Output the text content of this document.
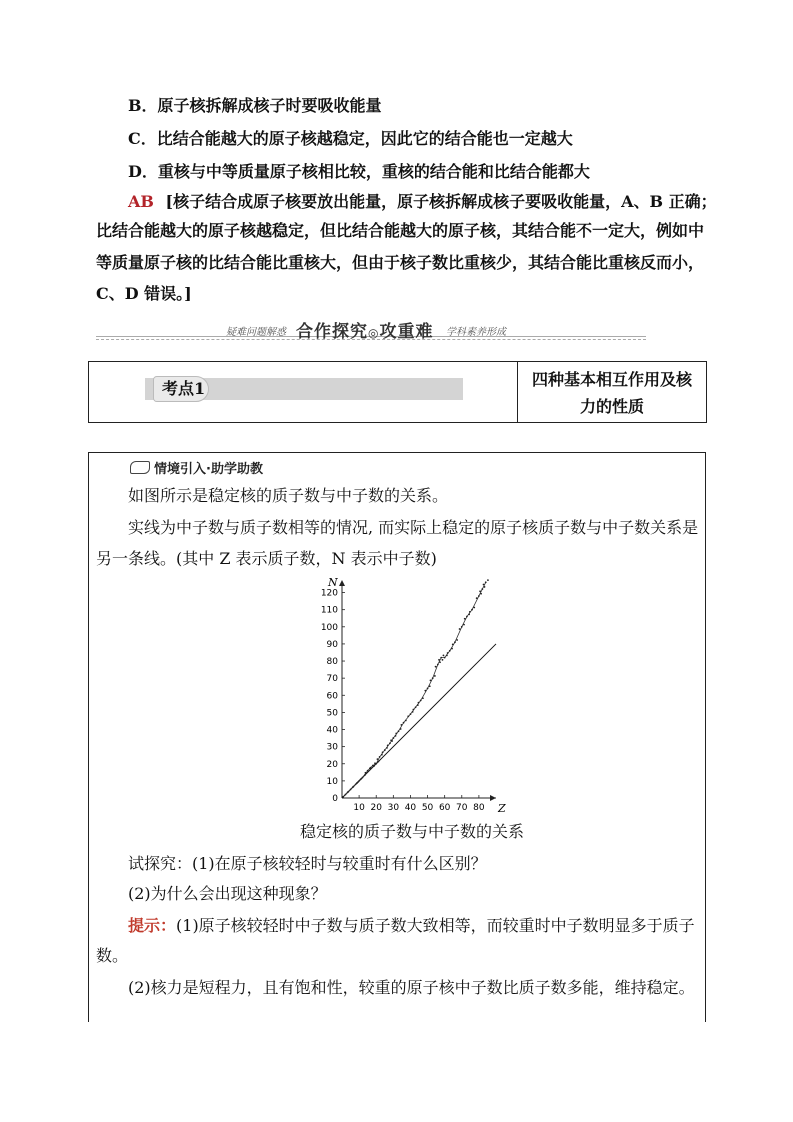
B．原子核拆解成核子时要吸收能量
C．比结合能越大的原子核越稳定，因此它的结合能也一定越大
D．重核与中等质量原子核相比较，重核的结合能和比结合能都大
AB [核子结合成原子核要放出能量，原子核拆解成核子要吸收能量，A、B 正确；
比结合能越大的原子核越稳定，但比结合能越大的原子核，其结合能不一定大，例如中
等质量原子核的比结合能比重核大，但由于核子数比重核少，其结合能比重核反而小，
C、D 错误。]
疑难问题解惑 合作探究◎攻重难 学科素养形成
考点1	四种基本相互作用及核
力的性质
情境引入·助学助教
如图所示是稳定核的质子数与中子数的关系。
实线为中子数与质子数相等的情况, 而实际上稳定的原子核质子数与中子数关系是
另一条线。(其中 Z 表示质子数，N 表示中子数)
Z
N
10 20 30 40 50 60 70 80
0
10
20
30
40
50
60
70
80
90
100
110
120
稳定核的质子数与中子数的关系
试探究：(1)在原子核较轻时与较重时有什么区别？
(2)为什么会出现这种现象？
提示：(1)原子核较轻时中子数与质子数大致相等，而较重时中子数明显多于质子
数。
(2)核力是短程力，且有饱和性，较重的原子核中子数比质子数多能，维持稳定。
